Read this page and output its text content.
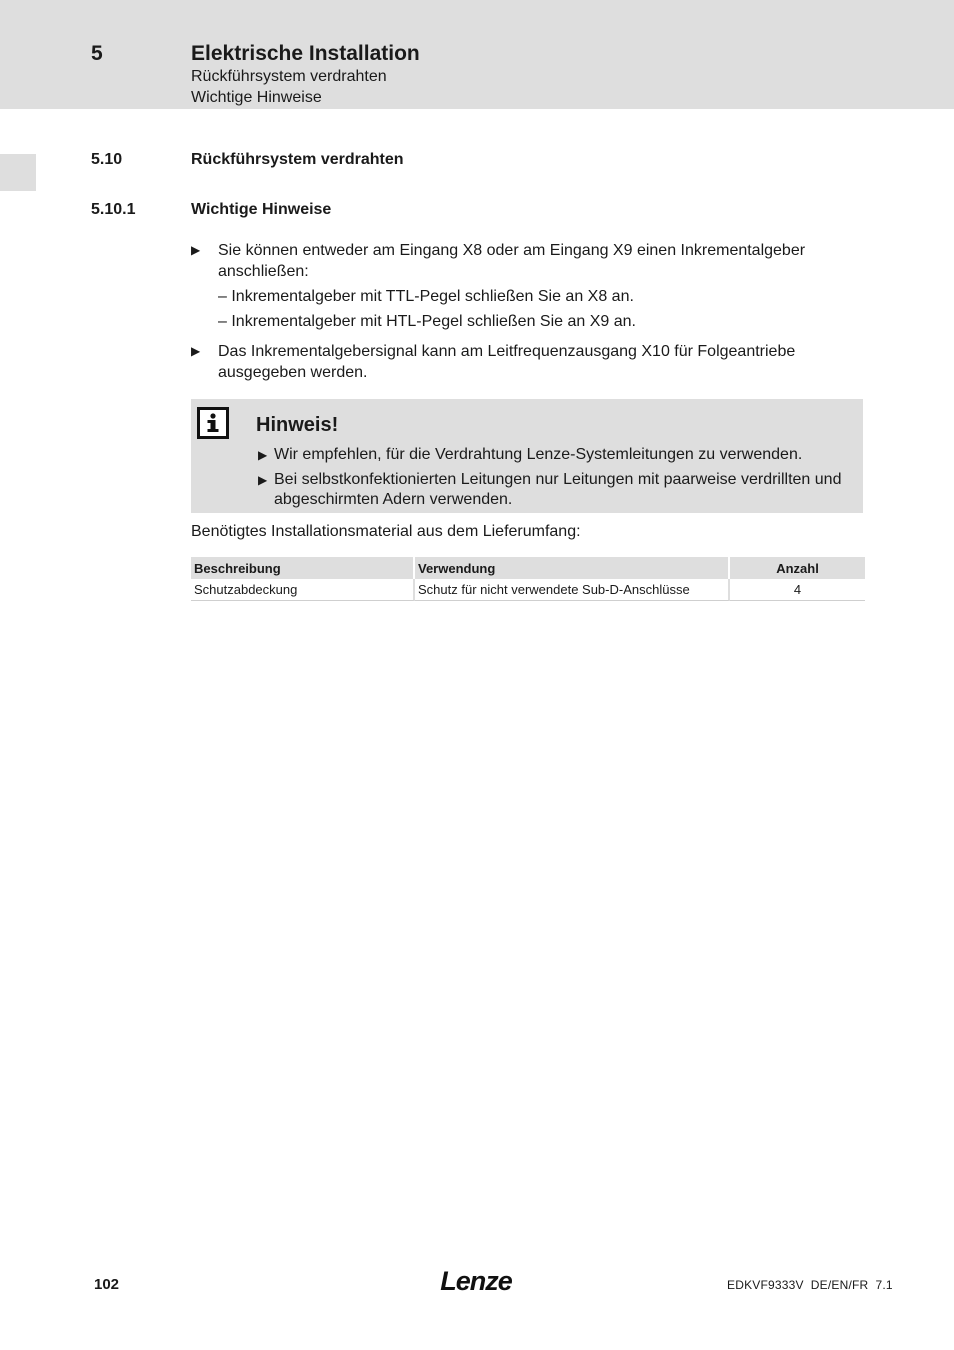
5	Elektrische Installation
Rückführsystem verdrahten
Wichtige Hinweise
5.10	Rückführsystem verdrahten
5.10.1	Wichtige Hinweise
▶ Sie können entweder am Eingang X8 oder am Eingang X9 einen Inkrementalgeber anschließen:
– Inkrementalgeber mit TTL-Pegel schließen Sie an X8 an.
– Inkrementalgeber mit HTL-Pegel schließen Sie an X9 an.
▶ Das Inkrementalgebersignal kann am Leitfrequenzausgang X10 für Folgeantriebe ausgegeben werden.
Hinweis!
▶ Wir empfehlen, für die Verdrahtung Lenze-Systemleitungen zu verwenden.
▶ Bei selbstkonfektionierten Leitungen nur Leitungen mit paarweise verdrillten und abgeschirmten Adern verwenden.
Benötigtes Installationsmaterial aus dem Lieferumfang:
Beschreibung	Verwendung	Anzahl
Schutzabdeckung	Schutz für nicht verwendete Sub-D-Anschlüsse	4
102	Lenze	EDKVF9333V  DE/EN/FR  7.1
